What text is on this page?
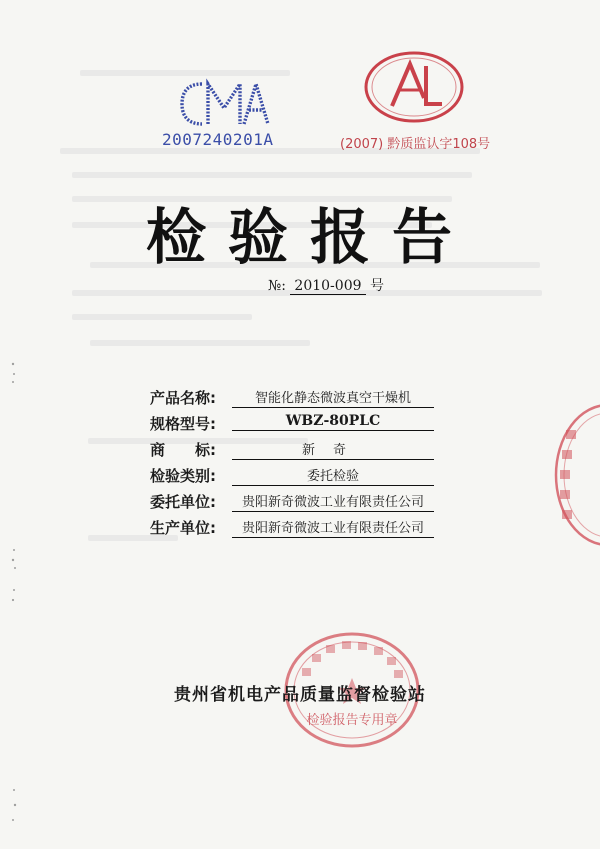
2007240201A	(2007) 黔质监认字108号
检验报告
№: 2010-009 号
产品名称:	智能化静态微波真空干燥机
规格型号:	WBZ-80PLC
商　　标:	新奇
检验类别:	委托检验
委托单位:	贵阳新奇微波工业有限责任公司
生产单位:	贵阳新奇微波工业有限责任公司
检验报告专用章
贵州省机电产品质量监督检验站
